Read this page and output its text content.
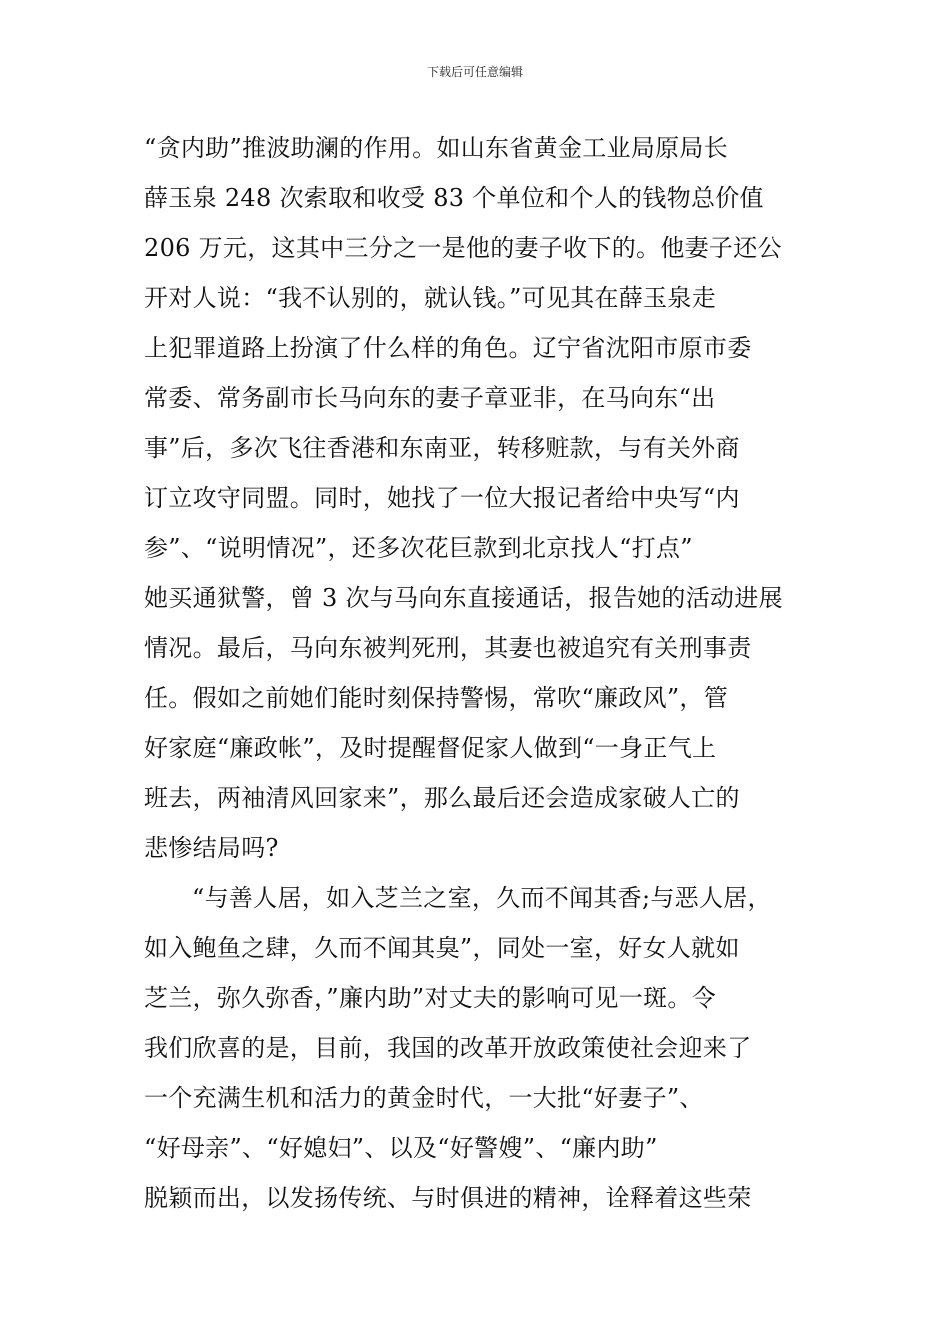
下载后可任意编辑
“贪内助”推波助澜的作用。如山东省黄金工业局原局长
薛玉泉 248 次索取和收受 83 个单位和个人的钱物总价值
206 万元，这其中三分之一是他的妻子收下的。他妻子还公
开对人说：“我不认别的，就认钱。”可见其在薛玉泉走
上犯罪道路上扮演了什么样的角色。辽宁省沈阳市原市委
常委、常务副市长马向东的妻子章亚非，在马向东“出
事”后，多次飞往香港和东南亚，转移赃款，与有关外商
订立攻守同盟。同时，她找了一位大报记者给中央写“内
参”、“说明情况”，还多次花巨款到北京找人“打点”
她买通狱警，曾 3 次与马向东直接通话，报告她的活动进展
情况。最后，马向东被判死刑，其妻也被追究有关刑事责
任。假如之前她们能时刻保持警惕，常吹“廉政风”，管
好家庭“廉政帐”，及时提醒督促家人做到“一身正气上
班去，两袖清风回家来”，那么最后还会造成家破人亡的
悲惨结局吗?
“与善人居，如入芝兰之室，久而不闻其香;与恶人居，
如入鲍鱼之肆，久而不闻其臭”，同处一室，好女人就如
芝兰，弥久弥香，”廉内助”对丈夫的影响可见一斑。令
我们欣喜的是，目前，我国的改革开放政策使社会迎来了
一个充满生机和活力的黄金时代，一大批“好妻子”、
“好母亲”、“好媳妇”、以及“好警嫂”、“廉内助”
脱颖而出，以发扬传统、与时俱进的精神，诠释着这些荣
